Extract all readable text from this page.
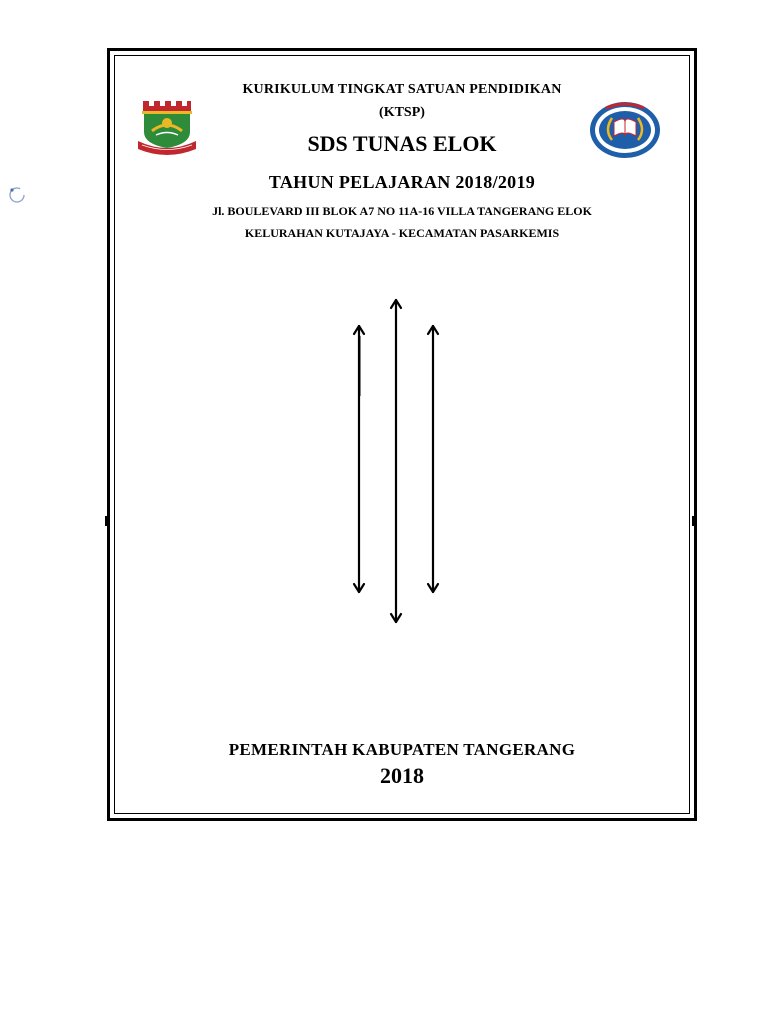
KURIKULUM TINGKAT SATUAN PENDIDIKAN
(KTSP)
SDS TUNAS ELOK
TAHUN PELAJARAN 2018/2019
Jl. BOULEVARD III BLOK A7 NO 11A-16 VILLA TANGERANG ELOK
KELURAHAN KUTAJAYA - KECAMATAN PASARKEMIS
PEMERINTAH KABUPATEN TANGERANG
2018
